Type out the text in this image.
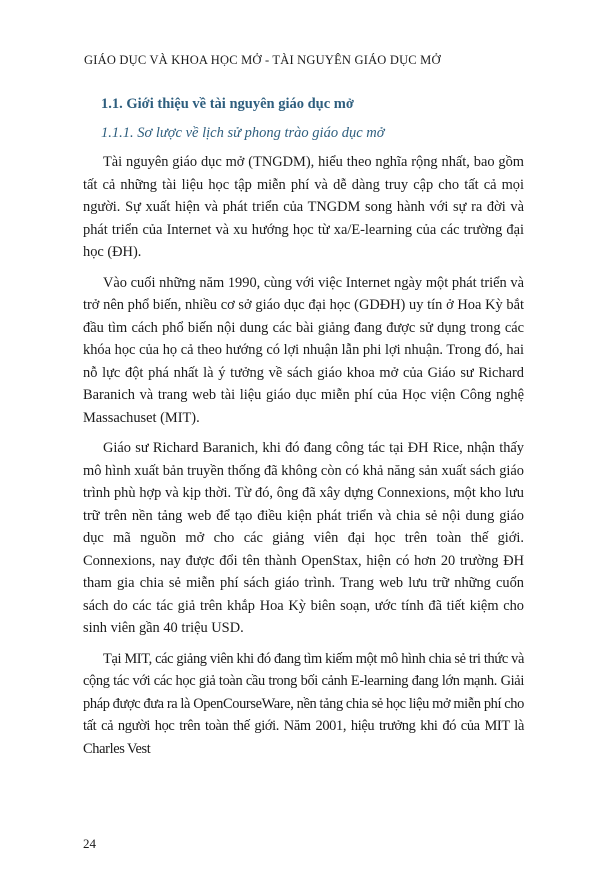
GIÁO DỤC VÀ KHOA HỌC MỞ - TÀI NGUYÊN GIÁO DỤC MỞ
1.1. Giới thiệu về tài nguyên giáo dục mở
1.1.1. Sơ lược về lịch sử phong trào giáo dục mở

Tài nguyên giáo dục mở (TNGDM), hiểu theo nghĩa rộng nhất, bao gồm tất cả những tài liệu học tập miễn phí và dễ dàng truy cập cho tất cả mọi người. Sự xuất hiện và phát triển của TNGDM song hành với sự ra đời và phát triển của Internet và xu hướng học từ xa/E-learning của các trường đại học (ĐH).

Vào cuối những năm 1990, cùng với việc Internet ngày một phát triển và trở nên phổ biến, nhiều cơ sở giáo dục đại học (GDĐH) uy tín ở Hoa Kỳ bắt đầu tìm cách phổ biến nội dung các bài giảng đang được sử dụng trong các khóa học của họ cả theo hướng có lợi nhuận lẫn phi lợi nhuận. Trong đó, hai nỗ lực đột phá nhất là ý tưởng về sách giáo khoa mở của Giáo sư Richard Baranich và trang web tài liệu giáo dục miễn phí của Học viện Công nghệ Massachuset (MIT).

Giáo sư Richard Baranich, khi đó đang công tác tại ĐH Rice, nhận thấy mô hình xuất bản truyền thống đã không còn có khả năng sản xuất sách giáo trình phù hợp và kịp thời. Từ đó, ông đã xây dựng Connexions, một kho lưu trữ trên nền tảng web để tạo điều kiện phát triển và chia sẻ nội dung giáo dục mã nguồn mở cho các giảng viên đại học trên toàn thế giới. Connexions, nay được đổi tên thành OpenStax, hiện có hơn 20 trường ĐH tham gia chia sẻ miễn phí sách giáo trình. Trang web lưu trữ những cuốn sách do các tác giả trên khắp Hoa Kỳ biên soạn, ước tính đã tiết kiệm cho sinh viên gần 40 triệu USD.

Tại MIT, các giảng viên khi đó đang tìm kiếm một mô hình chia sẻ tri thức và cộng tác với các học giả toàn cầu trong bối cảnh E-learning đang lớn mạnh. Giải pháp được đưa ra là OpenCourseWare, nền tảng chia sẻ học liệu mở miễn phí cho tất cả người học trên toàn thế giới. Năm 2001, hiệu trưởng khi đó của MIT là Charles Vest

24
